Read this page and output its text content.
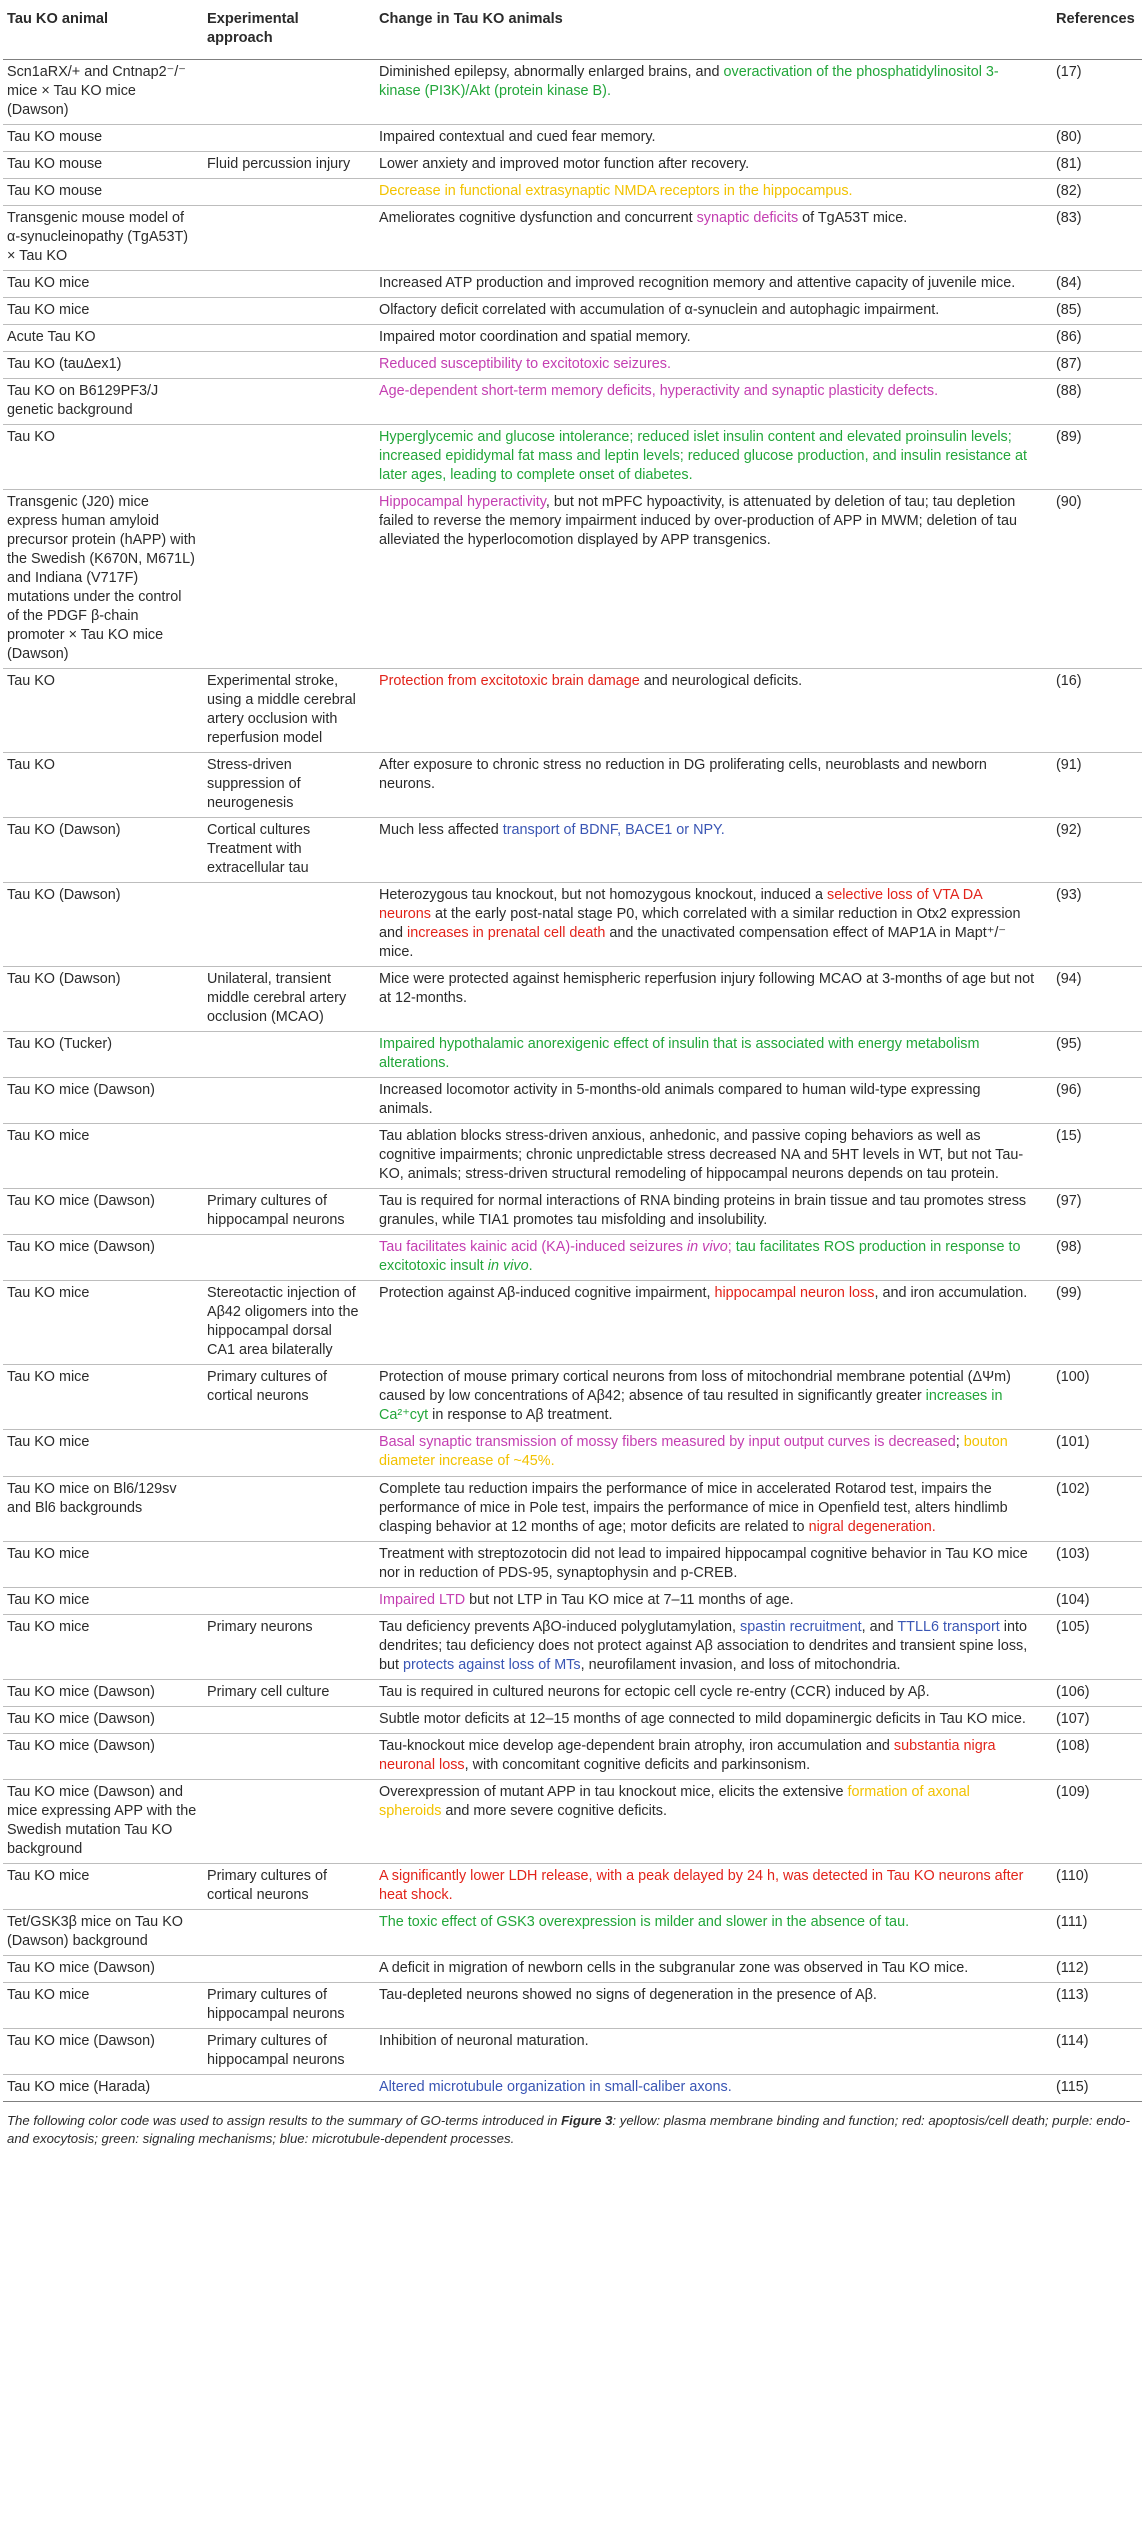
Tau KO animal	Experimental approach	Change in Tau KO animals	References
Scn1aRX/+ and Cntnap2⁻/⁻ mice × Tau KO mice (Dawson)		Diminished epilepsy, abnormally enlarged brains, and overactivation of the phosphatidylinositol 3-kinase (PI3K)/Akt (protein kinase B).	(17)
Tau KO mouse		Impaired contextual and cued fear memory.	(80)
Tau KO mouse	Fluid percussion injury	Lower anxiety and improved motor function after recovery.	(81)
Tau KO mouse		Decrease in functional extrasynaptic NMDA receptors in the hippocampus.	(82)
Transgenic mouse model of α-synucleinopathy (TgA53T) × Tau KO		Ameliorates cognitive dysfunction and concurrent synaptic deficits of TgA53T mice.	(83)
Tau KO mice		Increased ATP production and improved recognition memory and attentive capacity of juvenile mice.	(84)
Tau KO mice		Olfactory deficit correlated with accumulation of α-synuclein and autophagic impairment.	(85)
Acute Tau KO		Impaired motor coordination and spatial memory.	(86)
Tau KO (tauΔex1)		Reduced susceptibility to excitotoxic seizures.	(87)
Tau KO on B6129PF3/J genetic background		Age-dependent short-term memory deficits, hyperactivity and synaptic plasticity defects.	(88)
Tau KO		Hyperglycemic and glucose intolerance; reduced islet insulin content and elevated proinsulin levels; increased epididymal fat mass and leptin levels; reduced glucose production, and insulin resistance at later ages, leading to complete onset of diabetes.	(89)
Transgenic (J20) mice express human amyloid precursor protein (hAPP) with the Swedish (K670N, M671L) and Indiana (V717F) mutations under the control of the PDGF β-chain promoter × Tau KO mice (Dawson)		Hippocampal hyperactivity, but not mPFC hypoactivity, is attenuated by deletion of tau; tau depletion failed to reverse the memory impairment induced by over-production of APP in MWM; deletion of tau alleviated the hyperlocomotion displayed by APP transgenics.	(90)
Tau KO	Experimental stroke, using a middle cerebral artery occlusion with reperfusion model	Protection from excitotoxic brain damage and neurological deficits.	(16)
Tau KO	Stress-driven suppression of neurogenesis	After exposure to chronic stress no reduction in DG proliferating cells, neuroblasts and newborn neurons.	(91)
Tau KO (Dawson)	Cortical cultures Treatment with extracellular tau	Much less affected transport of BDNF, BACE1 or NPY.	(92)
Tau KO (Dawson)		Heterozygous tau knockout, but not homozygous knockout, induced a selective loss of VTA DA neurons at the early post-natal stage P0, which correlated with a similar reduction in Otx2 expression and increases in prenatal cell death and the unactivated compensation effect of MAP1A in Mapt⁺/⁻ mice.	(93)
Tau KO (Dawson)	Unilateral, transient middle cerebral artery occlusion (MCAO)	Mice were protected against hemispheric reperfusion injury following MCAO at 3-months of age but not at 12-months.	(94)
Tau KO (Tucker)		Impaired hypothalamic anorexigenic effect of insulin that is associated with energy metabolism alterations.	(95)
Tau KO mice (Dawson)		Increased locomotor activity in 5-months-old animals compared to human wild-type expressing animals.	(96)
Tau KO mice		Tau ablation blocks stress-driven anxious, anhedonic, and passive coping behaviors as well as cognitive impairments; chronic unpredictable stress decreased NA and 5HT levels in WT, but not Tau-KO, animals; stress-driven structural remodeling of hippocampal neurons depends on tau protein.	(15)
Tau KO mice (Dawson)	Primary cultures of hippocampal neurons	Tau is required for normal interactions of RNA binding proteins in brain tissue and tau promotes stress granules, while TIA1 promotes tau misfolding and insolubility.	(97)
Tau KO mice (Dawson)		Tau facilitates kainic acid (KA)-induced seizures in vivo; tau facilitates ROS production in response to excitotoxic insult in vivo.	(98)
Tau KO mice	Stereotactic injection of Aβ42 oligomers into the hippocampal dorsal CA1 area bilaterally	Protection against Aβ-induced cognitive impairment, hippocampal neuron loss, and iron accumulation.	(99)
Tau KO mice	Primary cultures of cortical neurons	Protection of mouse primary cortical neurons from loss of mitochondrial membrane potential (ΔΨm) caused by low concentrations of Aβ42; absence of tau resulted in significantly greater increases in Ca²⁺cyt in response to Aβ treatment.	(100)
Tau KO mice		Basal synaptic transmission of mossy fibers measured by input output curves is decreased; bouton diameter increase of ~45%.	(101)
Tau KO mice on Bl6/129sv and Bl6 backgrounds		Complete tau reduction impairs the performance of mice in accelerated Rotarod test, impairs the performance of mice in Pole test, impairs the performance of mice in Openfield test, alters hindlimb clasping behavior at 12 months of age; motor deficits are related to nigral degeneration.	(102)
Tau KO mice		Treatment with streptozotocin did not lead to impaired hippocampal cognitive behavior in Tau KO mice nor in reduction of PDS-95, synaptophysin and p-CREB.	(103)
Tau KO mice		Impaired LTD but not LTP in Tau KO mice at 7–11 months of age.	(104)
Tau KO mice	Primary neurons	Tau deficiency prevents AβO-induced polyglutamylation, spastin recruitment, and TTLL6 transport into dendrites; tau deficiency does not protect against Aβ association to dendrites and transient spine loss, but protects against loss of MTs, neurofilament invasion, and loss of mitochondria.	(105)
Tau KO mice (Dawson)	Primary cell culture	Tau is required in cultured neurons for ectopic cell cycle re-entry (CCR) induced by Aβ.	(106)
Tau KO mice (Dawson)		Subtle motor deficits at 12–15 months of age connected to mild dopaminergic deficits in Tau KO mice.	(107)
Tau KO mice (Dawson)		Tau-knockout mice develop age-dependent brain atrophy, iron accumulation and substantia nigra neuronal loss, with concomitant cognitive deficits and parkinsonism.	(108)
Tau KO mice (Dawson) and mice expressing APP with the Swedish mutation Tau KO background		Overexpression of mutant APP in tau knockout mice, elicits the extensive formation of axonal spheroids and more severe cognitive deficits.	(109)
Tau KO mice	Primary cultures of cortical neurons	A significantly lower LDH release, with a peak delayed by 24 h, was detected in Tau KO neurons after heat shock.	(110)
Tet/GSK3β mice on Tau KO (Dawson) background		The toxic effect of GSK3 overexpression is milder and slower in the absence of tau.	(111)
Tau KO mice (Dawson)		A deficit in migration of newborn cells in the subgranular zone was observed in Tau KO mice.	(112)
Tau KO mice	Primary cultures of hippocampal neurons	Tau-depleted neurons showed no signs of degeneration in the presence of Aβ.	(113)
Tau KO mice (Dawson)	Primary cultures of hippocampal neurons	Inhibition of neuronal maturation.	(114)
Tau KO mice (Harada)		Altered microtubule organization in small-caliber axons.	(115)
The following color code was used to assign results to the summary of GO-terms introduced in Figure 3: yellow: plasma membrane binding and function; red: apoptosis/cell death; purple: endo- and exocytosis; green: signaling mechanisms; blue: microtubule-dependent processes.
